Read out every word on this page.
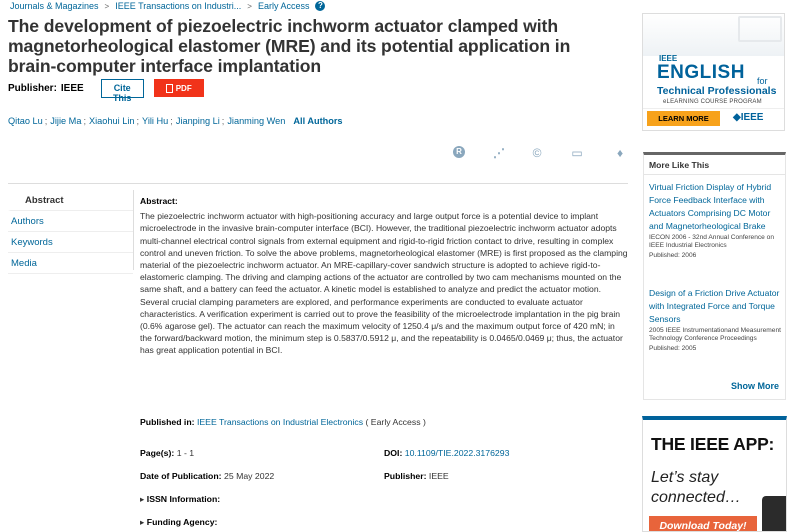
Journals & Magazines > IEEE Transactions on Industri... > Early Access	?
The development of piezoelectric inchworm actuator clamped with magnetorheological elastomer (MRE) and its potential application in brain-computer interface implantation
Publisher: IEEE	Cite This
PDF
Qitao Lu ; Jijie Ma ; Xiaohui Lin ; Yili Hu ; Jianping Li ; Jianming Wen All Authors
R	⋰ © ▭	♦
Abstract
Authors
Keywords
Media
Abstract:

The piezoelectric inchworm actuator with high-positioning accuracy and large output force is a potential device to implant microelectrode in the invasive brain-computer interface (BCI). However, the traditional piezoelectric inchworm actuator adopts multi-channel electrical control signals from external equipment and rigid-to-rigid friction contact to drive, resulting in complex control and uneven friction. To solve the above problems, magnetorheological elastomer (MRE) is first proposed as the clamping material of the piezoelectric inchworm actuator. An MRE-capillary-cover sandwich structure is adopted to achieve rigid-to-elastomeric clamping. The driving and clamping actions of the actuator are controlled by two cam mechanisms mounted on the same shaft, and a battery can feed the actuator. A kinetic model is established to analyze and predict the actuator motion. Several crucial clamping parameters are explored, and performance experiments are conducted to evaluate actuator characteristics. A verification experiment is carried out to prove the feasibility of the microelectrode implantation in the pig brain (0.6% agarose gel). The actuator can reach the maximum velocity of 1250.4 μ/s and the maximum output force of 420 mN; in the forward/backward motion, the minimum step is 0.5837/0.5912 μ, and the repeatability is 0.0465/0.0469 μ; thus, the actuator has great application potential in BCI.

Published in: IEEE Transactions on Industrial Electronics ( Early Access )
Page(s): 1 - 1	DOI: 10.1109/TIE.2022.3176293
Date of Publication: 25 May 2022	Publisher: IEEE
▸ ISSN Information:
▸ Funding Agency:
IEEE
ENGLISH for
Technical Professionals
eLEARNING COURSE PROGRAM
LEARN MORE	◆IEEE
More Like This
Virtual Friction Display of Hybrid Force Feedback Interface with Actuators Comprising DC Motor and Magnetorheological Brake
IECON 2006 - 32nd Annual Conference on IEEE Industrial Electronics
Published: 2006
Design of a Friction Drive Actuator with Integrated Force and Torque Sensors
2005 IEEE Instrumentationand Measurement Technology Conference Proceedings
Published: 2005
Show More
THE IEEE APP:
Let’s stay
connected…
Download Today!
